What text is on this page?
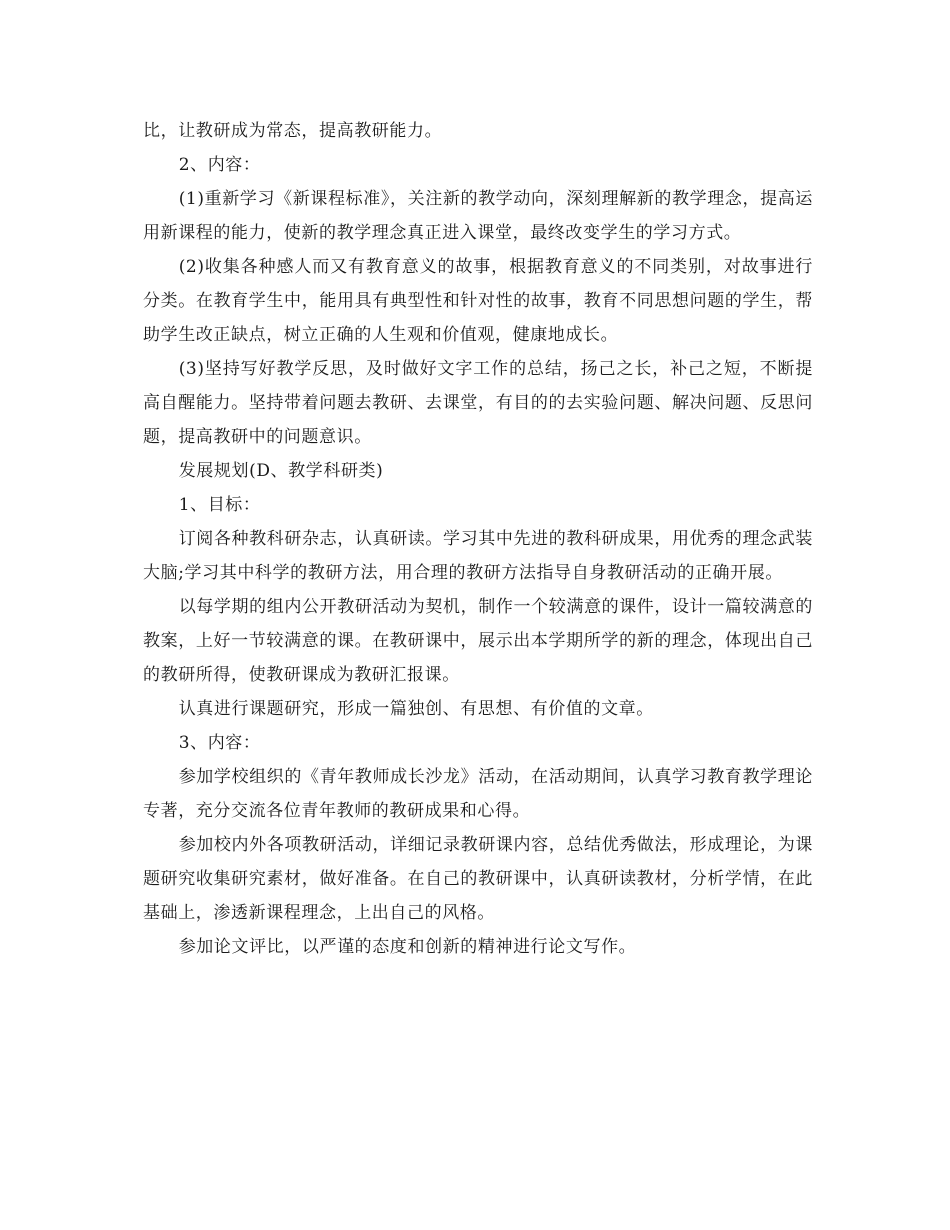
比，让教研成为常态，提高教研能力。

2、内容：

(1)重新学习《新课程标准》，关注新的教学动向，深刻理解新的教学理念，提高运用新课程的能力，使新的教学理念真正进入课堂，最终改变学生的学习方式。

(2)收集各种感人而又有教育意义的故事，根据教育意义的不同类别，对故事进行分类。在教育学生中，能用具有典型性和针对性的故事，教育不同思想问题的学生，帮助学生改正缺点，树立正确的人生观和价值观，健康地成长。

(3)坚持写好教学反思，及时做好文字工作的总结，扬己之长，补己之短，不断提高自醒能力。坚持带着问题去教研、去课堂，有目的的去实验问题、解决问题、反思问题，提高教研中的问题意识。

发展规划(D、教学科研类)

1、目标：

订阅各种教科研杂志，认真研读。学习其中先进的教科研成果，用优秀的理念武装大脑;学习其中科学的教研方法，用合理的教研方法指导自身教研活动的正确开展。

以每学期的组内公开教研活动为契机，制作一个较满意的课件，设计一篇较满意的教案，上好一节较满意的课。在教研课中，展示出本学期所学的新的理念，体现出自己的教研所得，使教研课成为教研汇报课。

认真进行课题研究，形成一篇独创、有思想、有价值的文章。

3、内容：

参加学校组织的《青年教师成长沙龙》活动，在活动期间，认真学习教育教学理论专著，充分交流各位青年教师的教研成果和心得。

参加校内外各项教研活动，详细记录教研课内容，总结优秀做法，形成理论，为课题研究收集研究素材，做好准备。在自己的教研课中，认真研读教材，分析学情，在此基础上，渗透新课程理念，上出自己的风格。

参加论文评比，以严谨的态度和创新的精神进行论文写作。
